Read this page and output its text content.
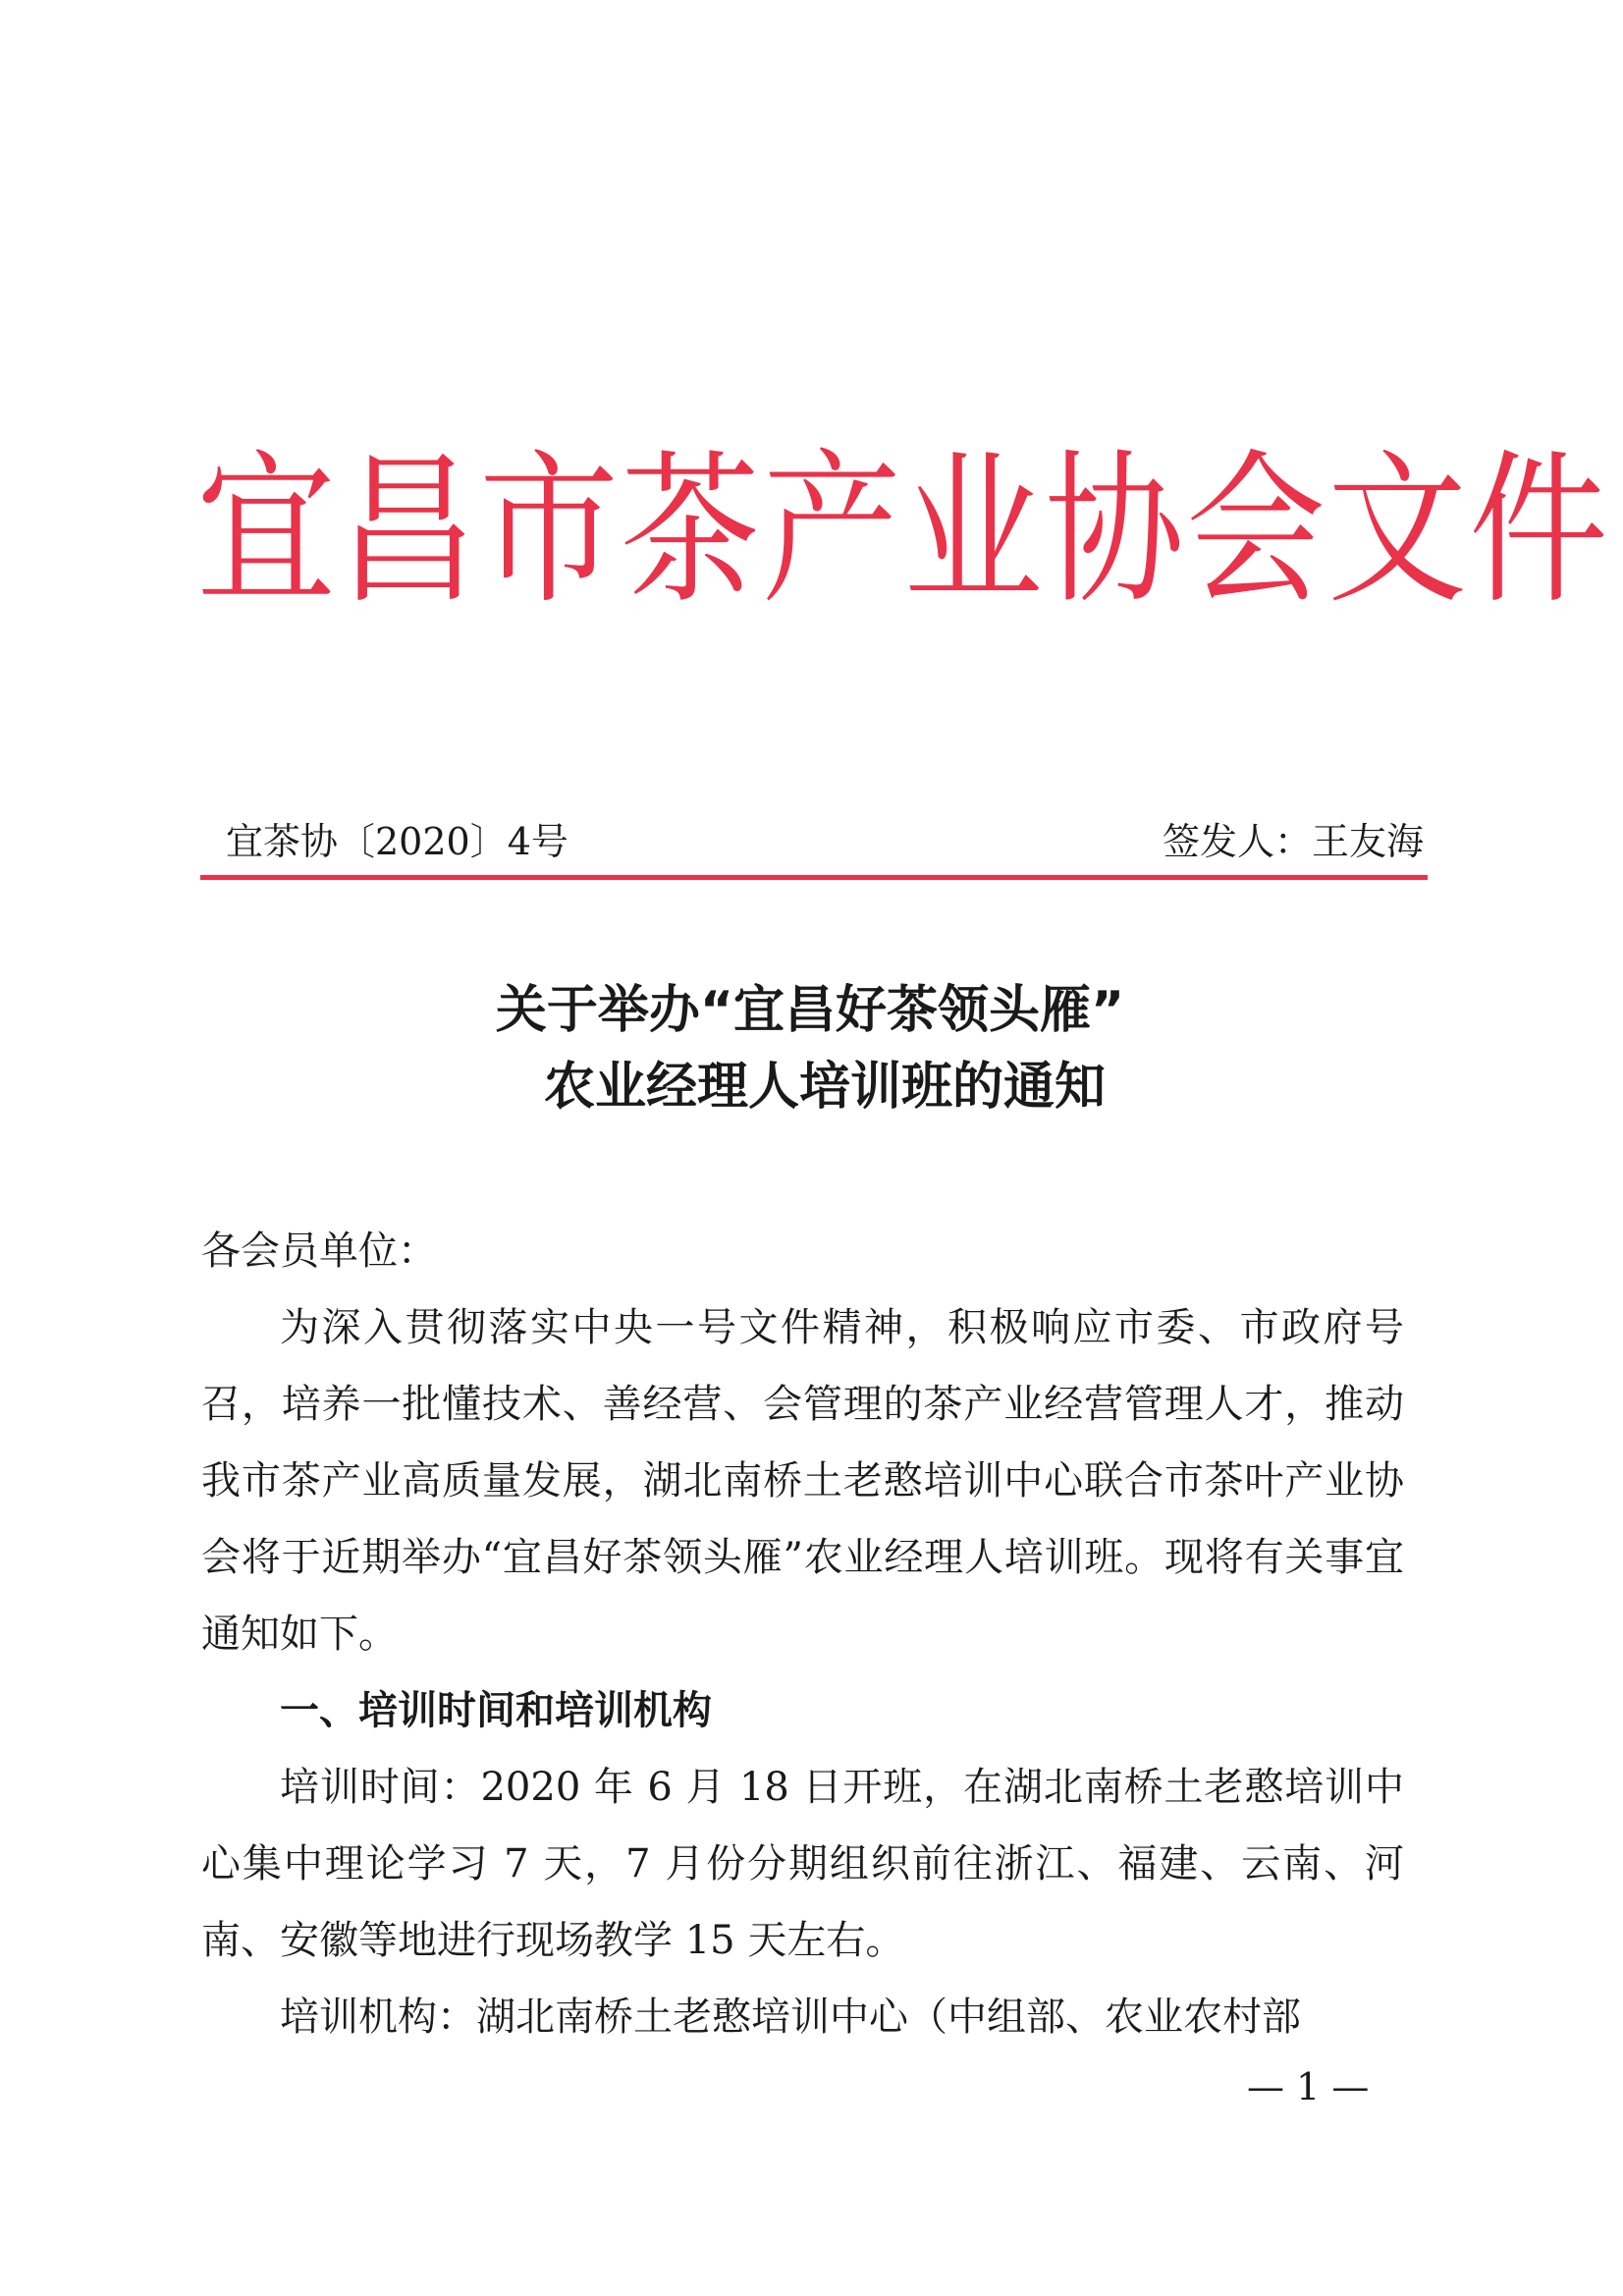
宜昌市茶产业协会文件
宜茶协〔2020〕4号	签发人：王友海
关于举办“宜昌好茶领头雁”
农业经理人培训班的通知
各会员单位：

为深入贯彻落实中央一号文件精神，积极响应市委、市政府号召，培养一批懂技术、善经营、会管理的茶产业经营管理人才，推动我市茶产业高质量发展，湖北南桥土老憨培训中心联合市茶叶产业协会将于近期举办“宜昌好茶领头雁”农业经理人培训班。现将有关事宜通知如下。

一、培训时间和培训机构

培训时间：2020 年 6 月 18 日开班，在湖北南桥土老憨培训中心集中理论学习 7 天，7 月份分期组织前往浙江、福建、云南、河南、安徽等地进行现场教学 15 天左右。

培训机构：湖北南桥土老憨培训中心（中组部、农业农村部

— 1 —
